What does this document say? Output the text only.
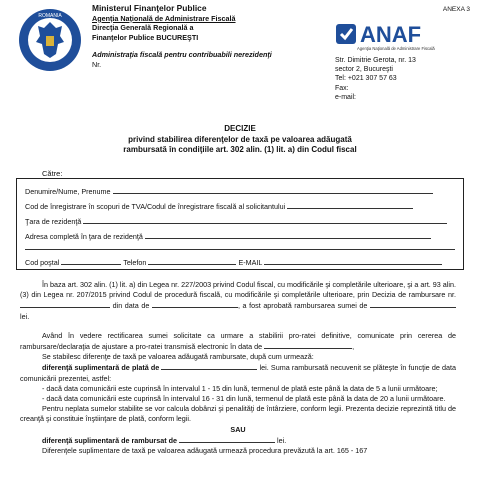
ROMANIA
Ministerul Finanţelor Publice
Agenţia Naţională de Administrare Fiscală
Direcţia Generală Regională a
Finanţelor Publice BUCUREŞTI
Administraţia fiscală pentru contribuabili nerezidenţi
Nr.
ANEXA 3
ANAF
Agenţia Naţională de Administrare Fiscală
Str. Dimitrie Gerota, nr. 13
sector 2, Bucureşti
Tel: +021 307 57 63
Fax:
e-mail:
DECIZIE
privind stabilirea diferenţelor de taxă pe valoarea adăugată
rambursată în condiţiile art. 302 alin. (1) lit. a) din Codul fiscal
Către:
Denumire/Nume, Prenume
Cod de înregistrare în scopuri de TVA/Codul de înregistrare fiscală al solicitantului
Ţara de rezidenţă
Adresa completă în ţara de rezidenţă
Cod poştal	Telefon	E-MAIL

În baza art. 302 alin. (1) lit. a) din Legea nr. 227/2003 privind Codul fiscal, cu modificările şi completările ulterioare, şi a art. 93 alin. (3) din Legea nr. 207/2015 privind Codul de procedură fiscală, cu modificările şi completările ulterioare, prin Decizia de rambursare nr.  din data de	, a fost aprobată rambursarea sumei de  lei.

Având în vedere rectificarea sumei solicitate ca urmare a stabilirii pro-ratei definitive, comunicate prin cererea de rambursare/declaraţia de ajustare a pro-ratei transmisă electronic în data de	,

Se stabilesc diferenţe de taxă pe valoarea adăugată rambursate, după cum urmează:

diferenţă suplimentară de plată de	lei. Suma rambursată necuvenit se plăteşte în funcţie de data comunicării prezentei, astfel:

- dacă data comunicării este cuprinsă în intervalul 1 - 15 din lună, termenul de plată este până la data de 5 a lunii următoare;

- dacă data comunicării este cuprinsă în intervalul 16 - 31 din lună, termenul de plată este până la data de 20 a lunii următoare.

Pentru neplata sumelor stabilite se vor calcula dobânzi şi penalităţi de întârziere, conform legii. Prezenta decizie reprezintă titlu de creanţă şi constituie înştiinţare de plată, conform legii.

SAU

diferenţă suplimentară de rambursat de	lei.

Diferenţele suplimentare de taxă pe valoarea adăugată urmează procedura prevăzută la art. 165 - 167
